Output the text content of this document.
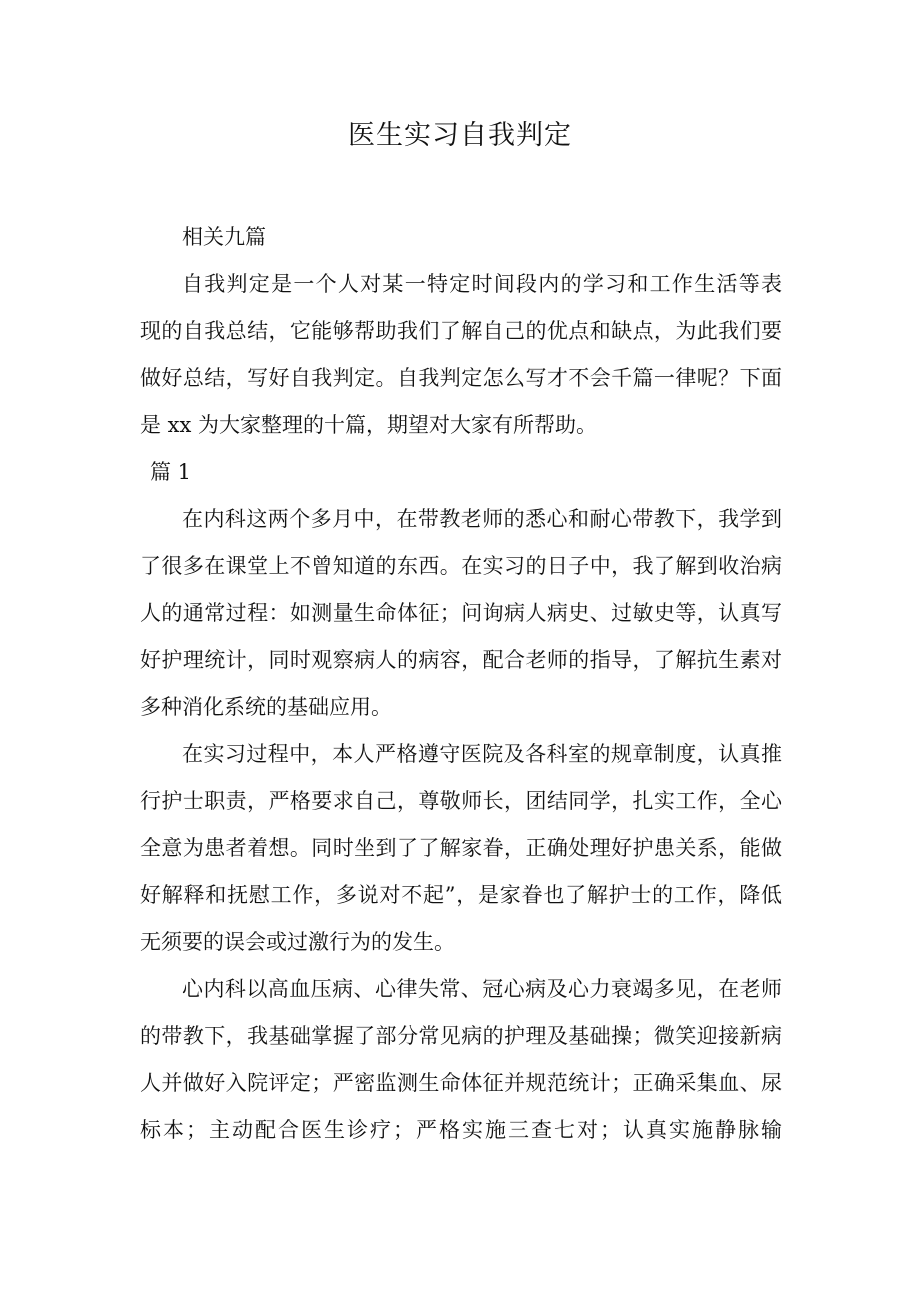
医生实习自我判定

相关九篇

自我判定是一个人对某一特定时间段内的学习和工作生活等表

现的自我总结，它能够帮助我们了解自己的优点和缺点，为此我们要

做好总结，写好自我判定。自我判定怎么写才不会千篇一律呢？下面

是 xx 为大家整理的十篇，期望对大家有所帮助。

篇 1

在内科这两个多月中，在带教老师的悉心和耐心带教下，我学到

了很多在课堂上不曾知道的东西。在实习的日子中，我了解到收治病

人的通常过程：如测量生命体征；问询病人病史、过敏史等，认真写

好护理统计，同时观察病人的病容，配合老师的指导，了解抗生素对

多种消化系统的基础应用。

在实习过程中，本人严格遵守医院及各科室的规章制度，认真推

行护士职责，严格要求自己，尊敬师长，团结同学，扎实工作，全心

全意为患者着想。同时坐到了了解家眷，正确处理好护患关系，能做

好解释和抚慰工作，多说对不起”，是家眷也了解护士的工作，降低

无须要的误会或过激行为的发生。

心内科以高血压病、心律失常、冠心病及心力衰竭多见，在老师

的带教下，我基础掌握了部分常见病的护理及基础操；微笑迎接新病

人并做好入院评定；严密监测生命体征并规范统计；正确采集血、尿

标本；主动配合医生诊疗；严格实施三查七对；认真实施静脉输
